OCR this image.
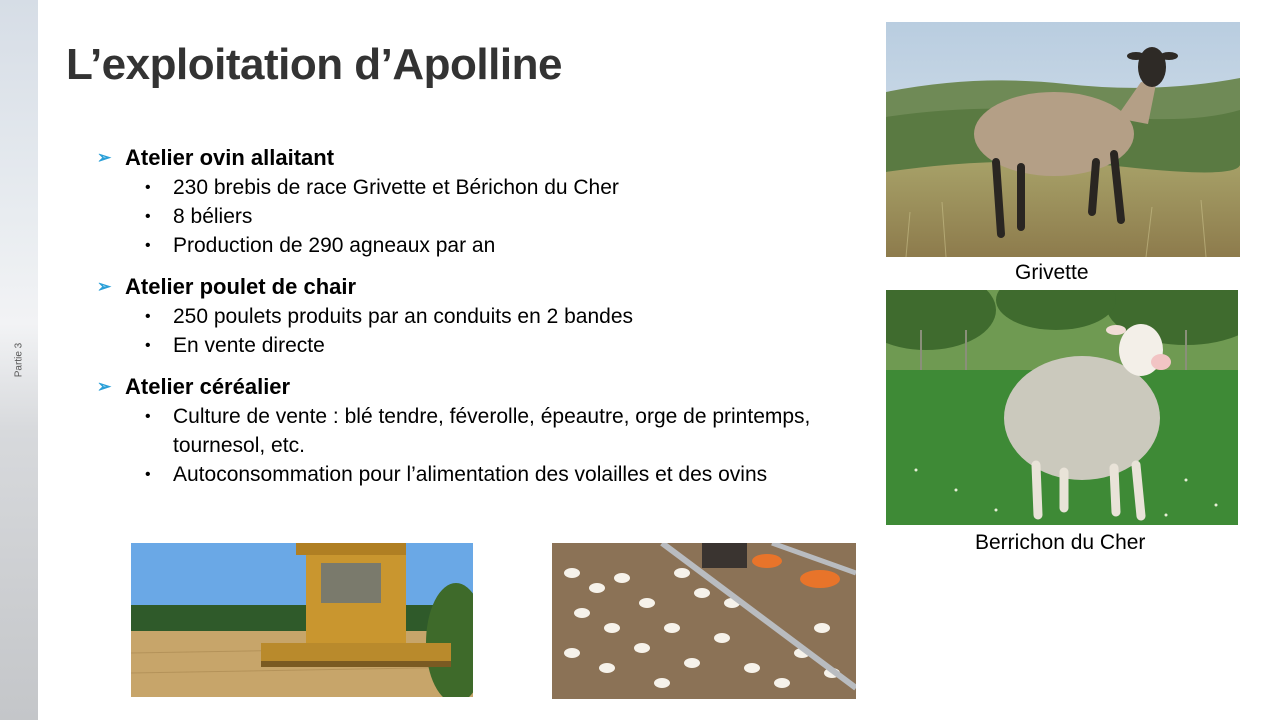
Partie 3
L’exploitation d’Apolline
➢ Atelier ovin allaitant
• 230 brebis de race Grivette et Bérichon du Cher
• 8 béliers
• Production de 290 agneaux par an
➢ Atelier poulet de chair
• 250 poulets produits par an conduits en 2 bandes
• En vente directe
➢ Atelier céréalier
• Culture de vente : blé tendre, féverolle, épeautre, orge de printemps, tournesol, etc.
• Autoconsommation pour l’alimentation des volailles et des ovins
Grivette
Berrichon du Cher
